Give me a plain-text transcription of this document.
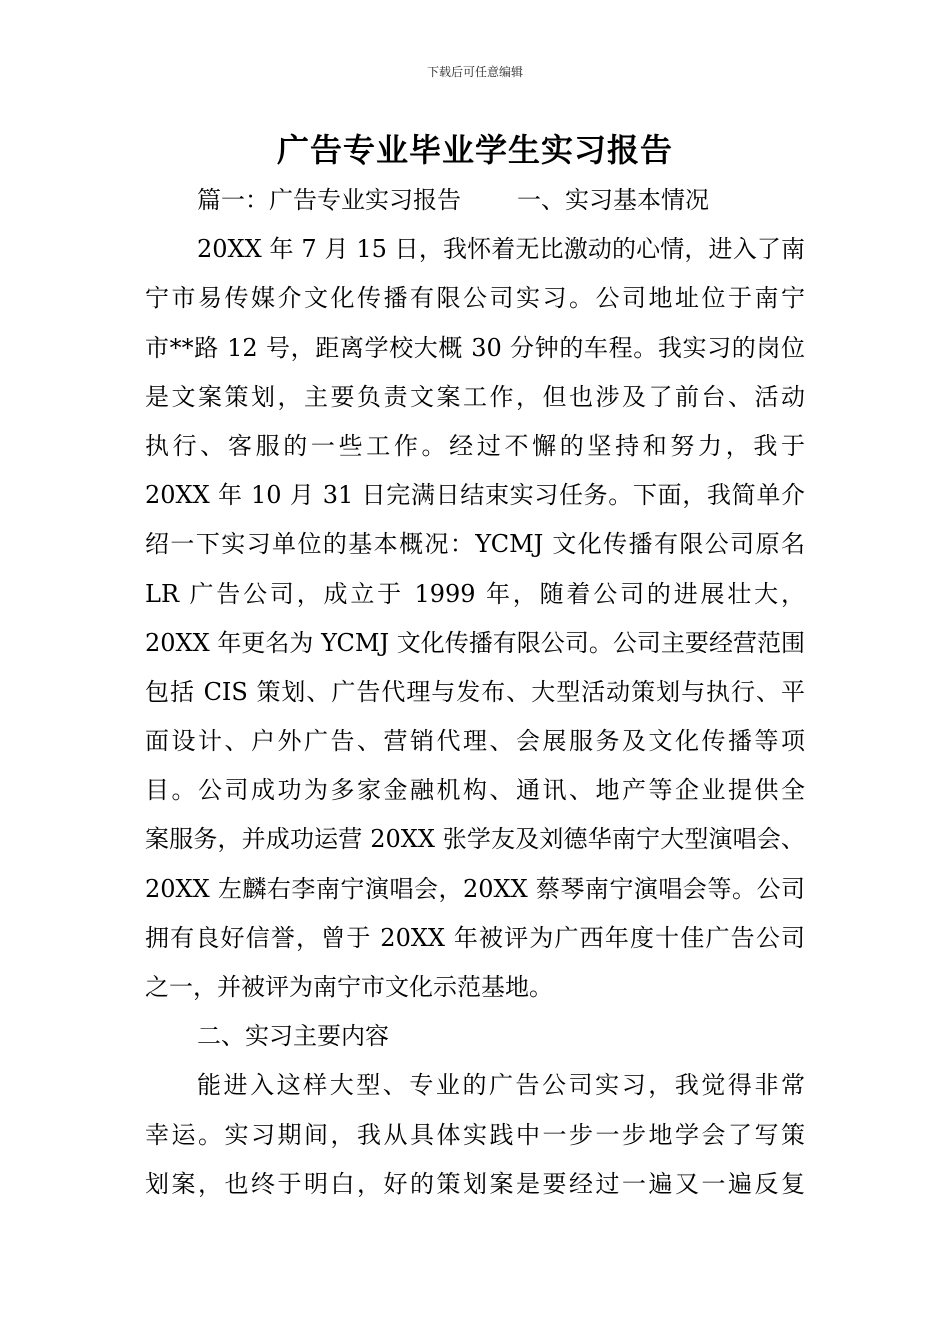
下载后可任意编辑
广告专业毕业学生实习报告
篇一：广告专业实习报告 一、实习基本情况
20XX 年 7 月 15 日，我怀着无比激动的心情，进入了南
宁市易传媒介文化传播有限公司实习。公司地址位于南宁
市**路 12 号，距离学校大概 30 分钟的车程。我实习的岗位
是文案策划，主要负责文案工作，但也涉及了前台、活动
执行、客服的一些工作。经过不懈的坚持和努力，我于
20XX 年 10 月 31 日完满日结束实习任务。下面，我简单介
绍一下实习单位的基本概况：YCMJ 文化传播有限公司原名
LR 广告公司，成立于 1999 年，随着公司的进展壮大，
20XX 年更名为 YCMJ 文化传播有限公司。公司主要经营范围
包括 CIS 策划、广告代理与发布、大型活动策划与执行、平
面设计、户外广告、营销代理、会展服务及文化传播等项
目。公司成功为多家金融机构、通讯、地产等企业提供全
案服务，并成功运营 20XX 张学友及刘德华南宁大型演唱会、
20XX 左麟右李南宁演唱会，20XX 蔡琴南宁演唱会等。公司
拥有良好信誉，曾于 20XX 年被评为广西年度十佳广告公司
之一，并被评为南宁市文化示范基地。
二、实习主要内容
能进入这样大型、专业的广告公司实习，我觉得非常
幸运。实习期间，我从具体实践中一步一步地学会了写策
划案，也终于明白，好的策划案是要经过一遍又一遍反复
